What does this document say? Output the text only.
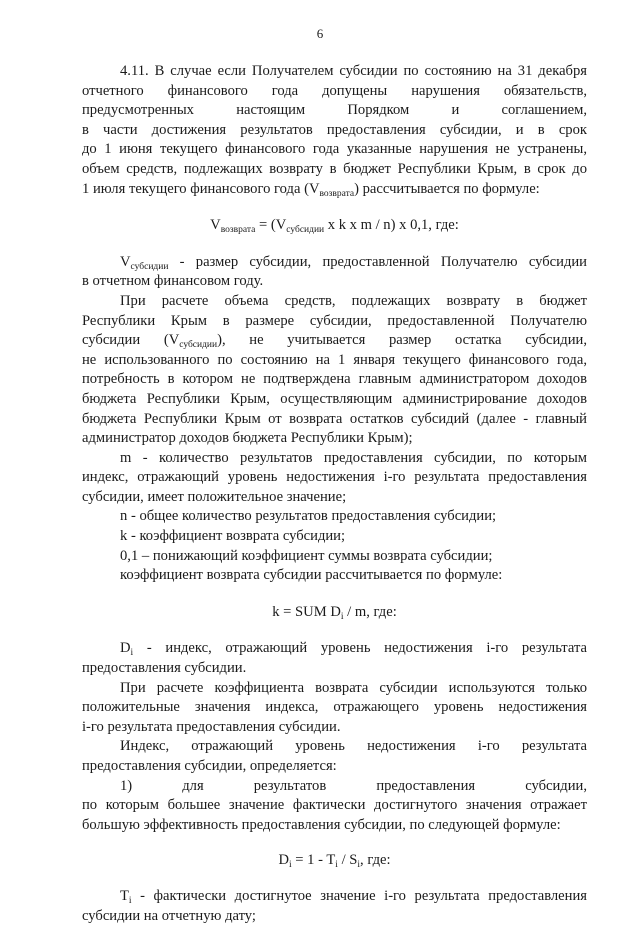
6

4.11. В случае если Получателем субсидии по состоянию на 31 декабря

отчетного финансового года допущены нарушения обязательств,

предусмотренных настоящим Порядком и соглашением,

в части достижения результатов предоставления субсидии, и в срок

до 1 июня текущего финансового года указанные нарушения не устранены,

объем средств, подлежащих возврату в бюджет Республики Крым, в срок до

1 июля текущего финансового года $(V_{возврата})$ рассчитывается по формуле:

$V_{возврата} = (V_{субсидии}$ x k x m / n) x 0,1, где:

$V_{субсидии}$ - размер субсидии, предоставленной Получателю субсидии

в отчетном финансовом году.

При расчете объема средств, подлежащих возврату в бюджет

Республики Крым в размере субсидии, предоставленной Получателю

субсидии $(V_{субсидии})$, не учитывается размер остатка субсидии,

не использованного по состоянию на 1 января текущего финансового года,

потребность в котором не подтверждена главным администратором доходов

бюджета Республики Крым, осуществляющим администрирование доходов

бюджета Республики Крым от возврата остатков субсидий (далее - главный

администратор доходов бюджета Республики Крым);

m - количество результатов предоставления субсидии, по которым

индекс, отражающий уровень недостижения i-го результата предоставления

субсидии, имеет положительное значение;

n - общее количество результатов предоставления субсидии;

k - коэффициент возврата субсидии;

0,1 – понижающий коэффициент суммы возврата субсидии;

коэффициент возврата субсидии рассчитывается по формуле:

k = SUM $D_i$ / m, где:

$D_i$ - индекс, отражающий уровень недостижения i-го результата

предоставления субсидии.

При расчете коэффициента возврата субсидии используются только

положительные значения индекса, отражающего уровень недостижения

i-го результата предоставления субсидии.

Индекс, отражающий уровень недостижения i-го результата

предоставления субсидии, определяется:

1) для результатов предоставления субсидии,

по которым большее значение фактически достигнутого значения отражает

большую эффективность предоставления субсидии, по следующей формуле:

$D_i = 1 - T_i / S_i$, где:

$T_i$ - фактически достигнутое значение i-го результата предоставления

субсидии на отчетную дату;
